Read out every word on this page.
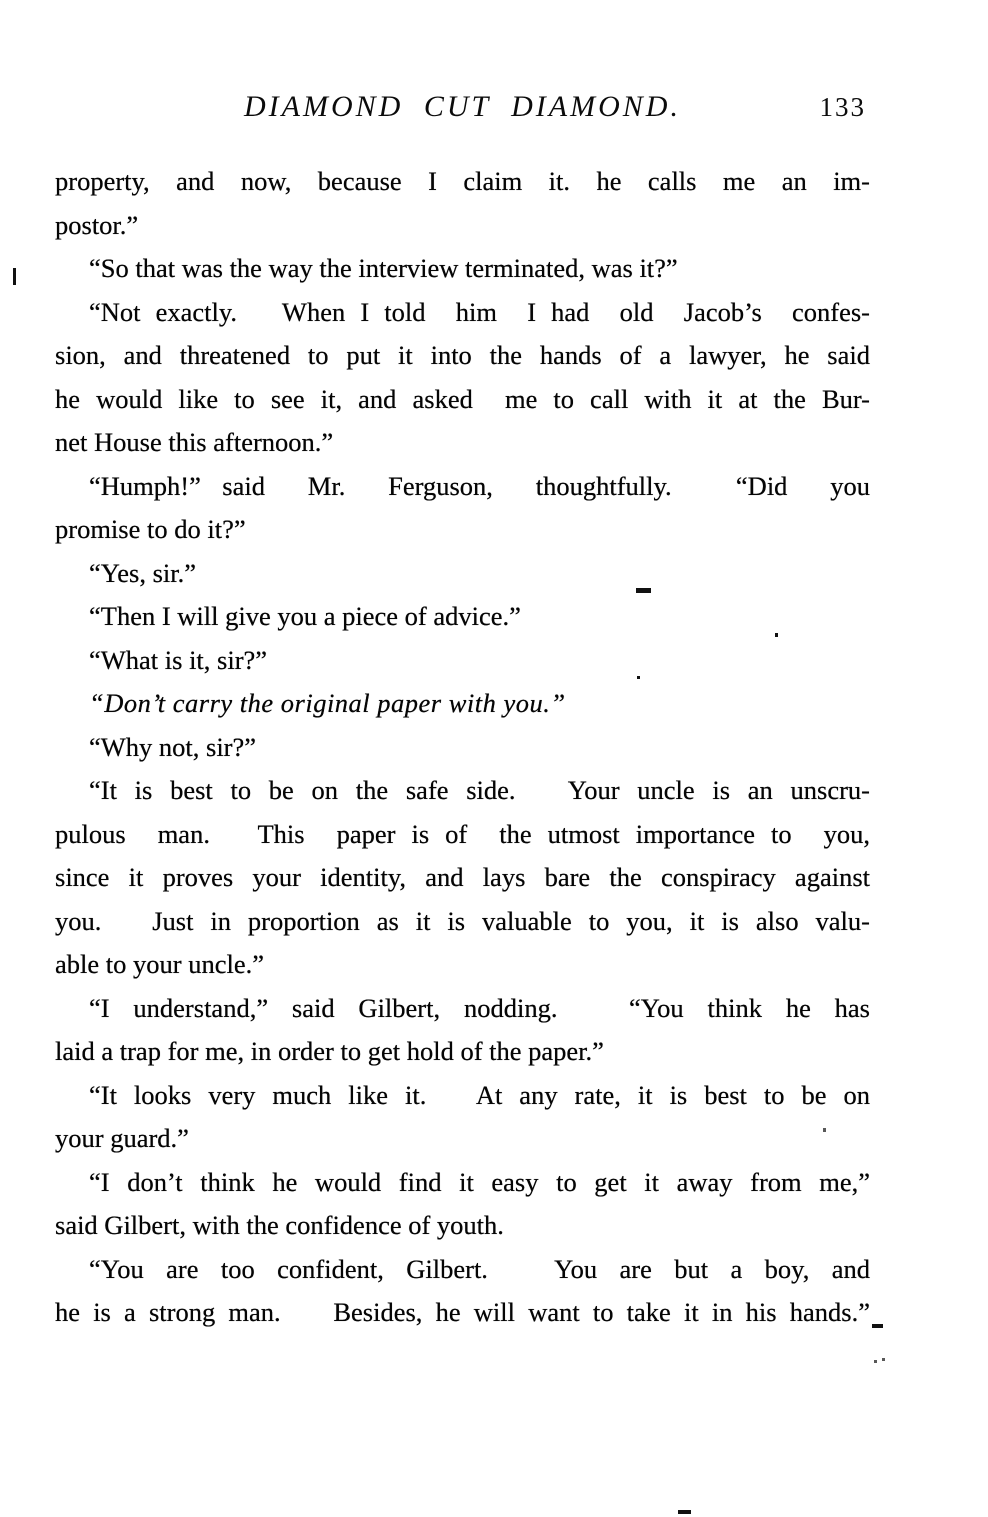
DIAMOND CUT DIAMOND.	133
property,  and  now,  because  I  claim  it.  he  calls  me  an  im-
postor.”
“So that was the way the interview terminated, was it?”
“Not exactly.   When I told  him  I had  old  Jacob’s  confes-
sion, and threatened to put it into the hands of a lawyer, he said
he would like to see it, and asked  me to call with it at the Bur-
net House this afternoon.”
“Humph!” said  Mr.  Ferguson,  thoughtfully.   “Did  you
promise to do it?”
“Yes, sir.”
“Then I will give you a piece of advice.”
“What is it, sir?”
“Don’t carry the original paper with you.”
“Why not, sir?”
“It is best to be on the safe side.   Your uncle is an unscru-
pulous  man.   This  paper is of  the utmost importance to  you,
since it proves your identity, and lays bare the conspiracy against
you.   Just in proportion as it is valuable to you, it is also valu-
able to your uncle.”
“I understand,” said Gilbert, nodding.   “You think he has
laid a trap for me, in order to get hold of the paper.”
“It looks very much like it.   At any rate, it is best to be on
your guard.”
“I don’t think he would find it easy to get it away from me,”
said Gilbert, with the confidence of youth.
“You are too confident, Gilbert.   You are but a boy, and
he is a strong man.    Besides, he will want to take it in his hands.”
